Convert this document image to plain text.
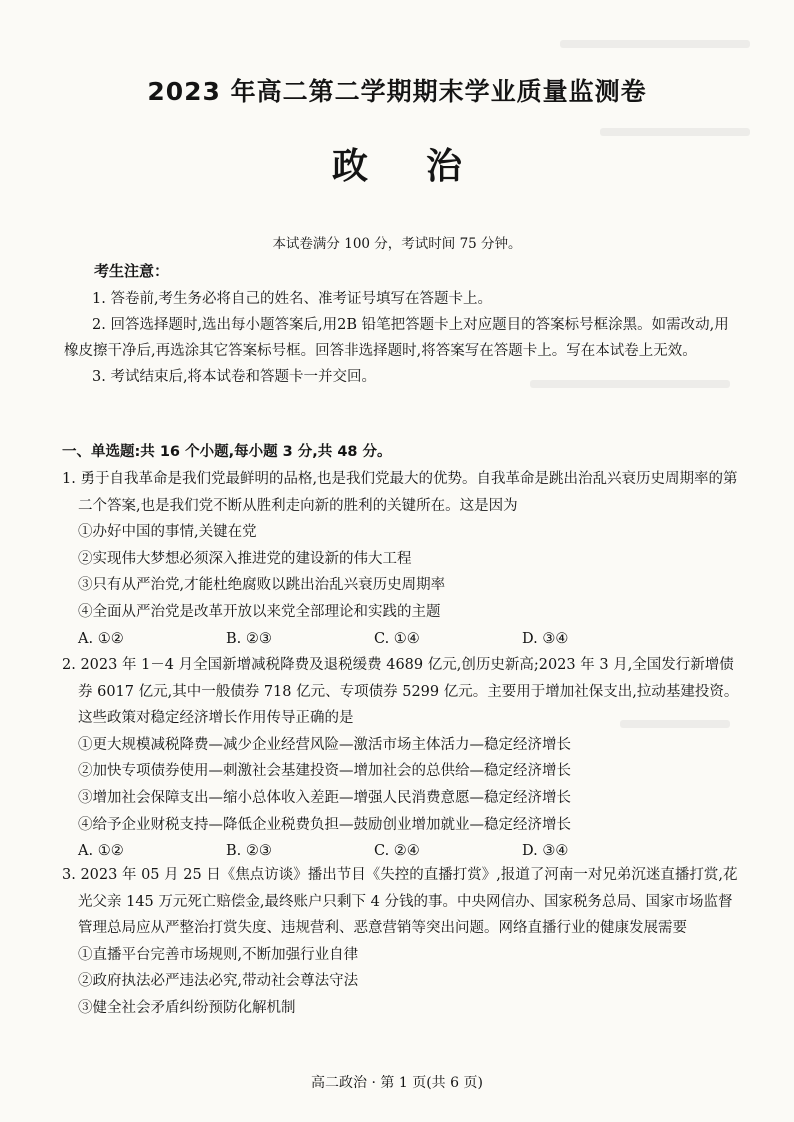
2023 年高二第二学期期末学业质量监测卷
政治
本试卷满分 100 分，考试时间 75 分钟。
考生注意：

1. 答卷前,考生务必将自己的姓名、准考证号填写在答题卡上。

2. 回答选择题时,选出每小题答案后,用2B 铅笔把答题卡上对应题目的答案标号框涂黑。如需改动,用橡皮擦干净后,再选涂其它答案标号框。回答非选择题时,将答案写在答题卡上。写在本试卷上无效。

3. 考试结束后,将本试卷和答题卡一并交回。

一、单选题:共 16 个小题,每小题 3 分,共 48 分。

1. 勇于自我革命是我们党最鲜明的品格,也是我们党最大的优势。自我革命是跳出治乱兴衰历史周期率的第二个答案,也是我们党不断从胜利走向新的胜利的关键所在。这是因为

①办好中国的事情,关键在党

②实现伟大梦想必须深入推进党的建设新的伟大工程

③只有从严治党,才能杜绝腐败以跳出治乱兴衰历史周期率

④全面从严治党是改革开放以来党全部理论和实践的主题

A. ①②	B. ②③	C. ①④	D. ③④

2. 2023 年 1－4 月全国新增减税降费及退税缓费 4689 亿元,创历史新高;2023 年 3 月,全国发行新增债券 6017 亿元,其中一般债券 718 亿元、专项债券 5299 亿元。主要用于增加社保支出,拉动基建投资。这些政策对稳定经济增长作用传导正确的是

①更大规模减税降费—减少企业经营风险—激活市场主体活力—稳定经济增长

②加快专项债券使用—刺激社会基建投资—增加社会的总供给—稳定经济增长

③增加社会保障支出—缩小总体收入差距—增强人民消费意愿—稳定经济增长

④给予企业财税支持—降低企业税费负担—鼓励创业增加就业—稳定经济增长

A. ①②	B. ②③	C. ②④	D. ③④

3. 2023 年 05 月 25 日《焦点访谈》播出节目《失控的直播打赏》,报道了河南一对兄弟沉迷直播打赏,花光父亲 145 万元死亡赔偿金,最终账户只剩下 4 分钱的事。中央网信办、国家税务总局、国家市场监督管理总局应从严整治打赏失度、违规营利、恶意营销等突出问题。网络直播行业的健康发展需要

①直播平台完善市场规则,不断加强行业自律

②政府执法必严违法必究,带动社会尊法守法

③健全社会矛盾纠纷预防化解机制

高二政治 · 第 1 页(共 6 页)
